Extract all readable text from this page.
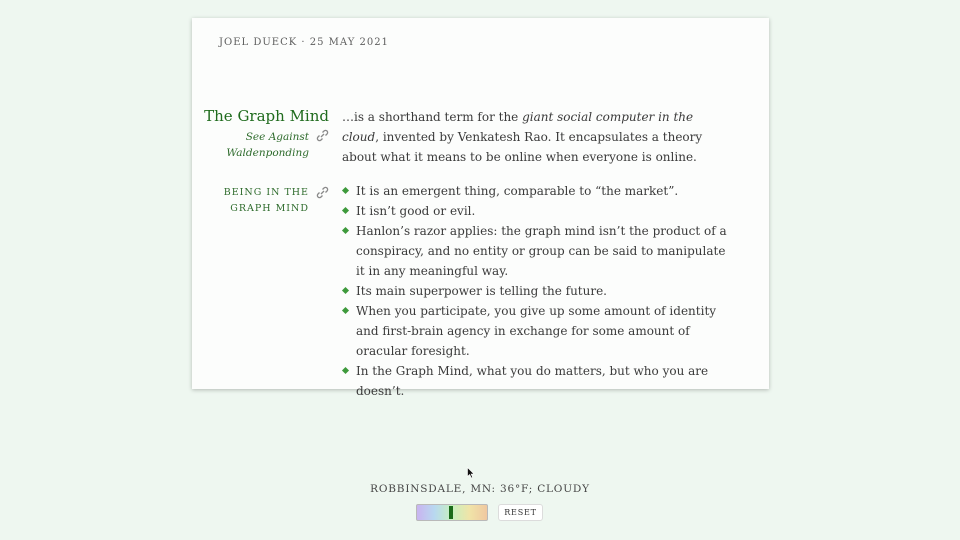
JOEL DUECK · 25 MAY 2021
The Graph Mind
See Against Waldenponding
BEING IN THE GRAPH MIND
…is a shorthand term for the giant social computer in the cloud, invented by Venkatesh Rao. It encapsulates a theory about what it means to be online when everyone is online.
It is an emergent thing, comparable to “the market”.
It isn’t good or evil.
Hanlon’s razor applies: the graph mind isn’t the product of a conspiracy, and no entity or group can be said to manipulate it in any meaningful way.
Its main superpower is telling the future.
When you participate, you give up some amount of identity and first-brain agency in exchange for some amount of oracular foresight.
In the Graph Mind, what you do matters, but who you are doesn’t.
ROBBINSDALE, MN: 36°F; CLOUDY
RESET
